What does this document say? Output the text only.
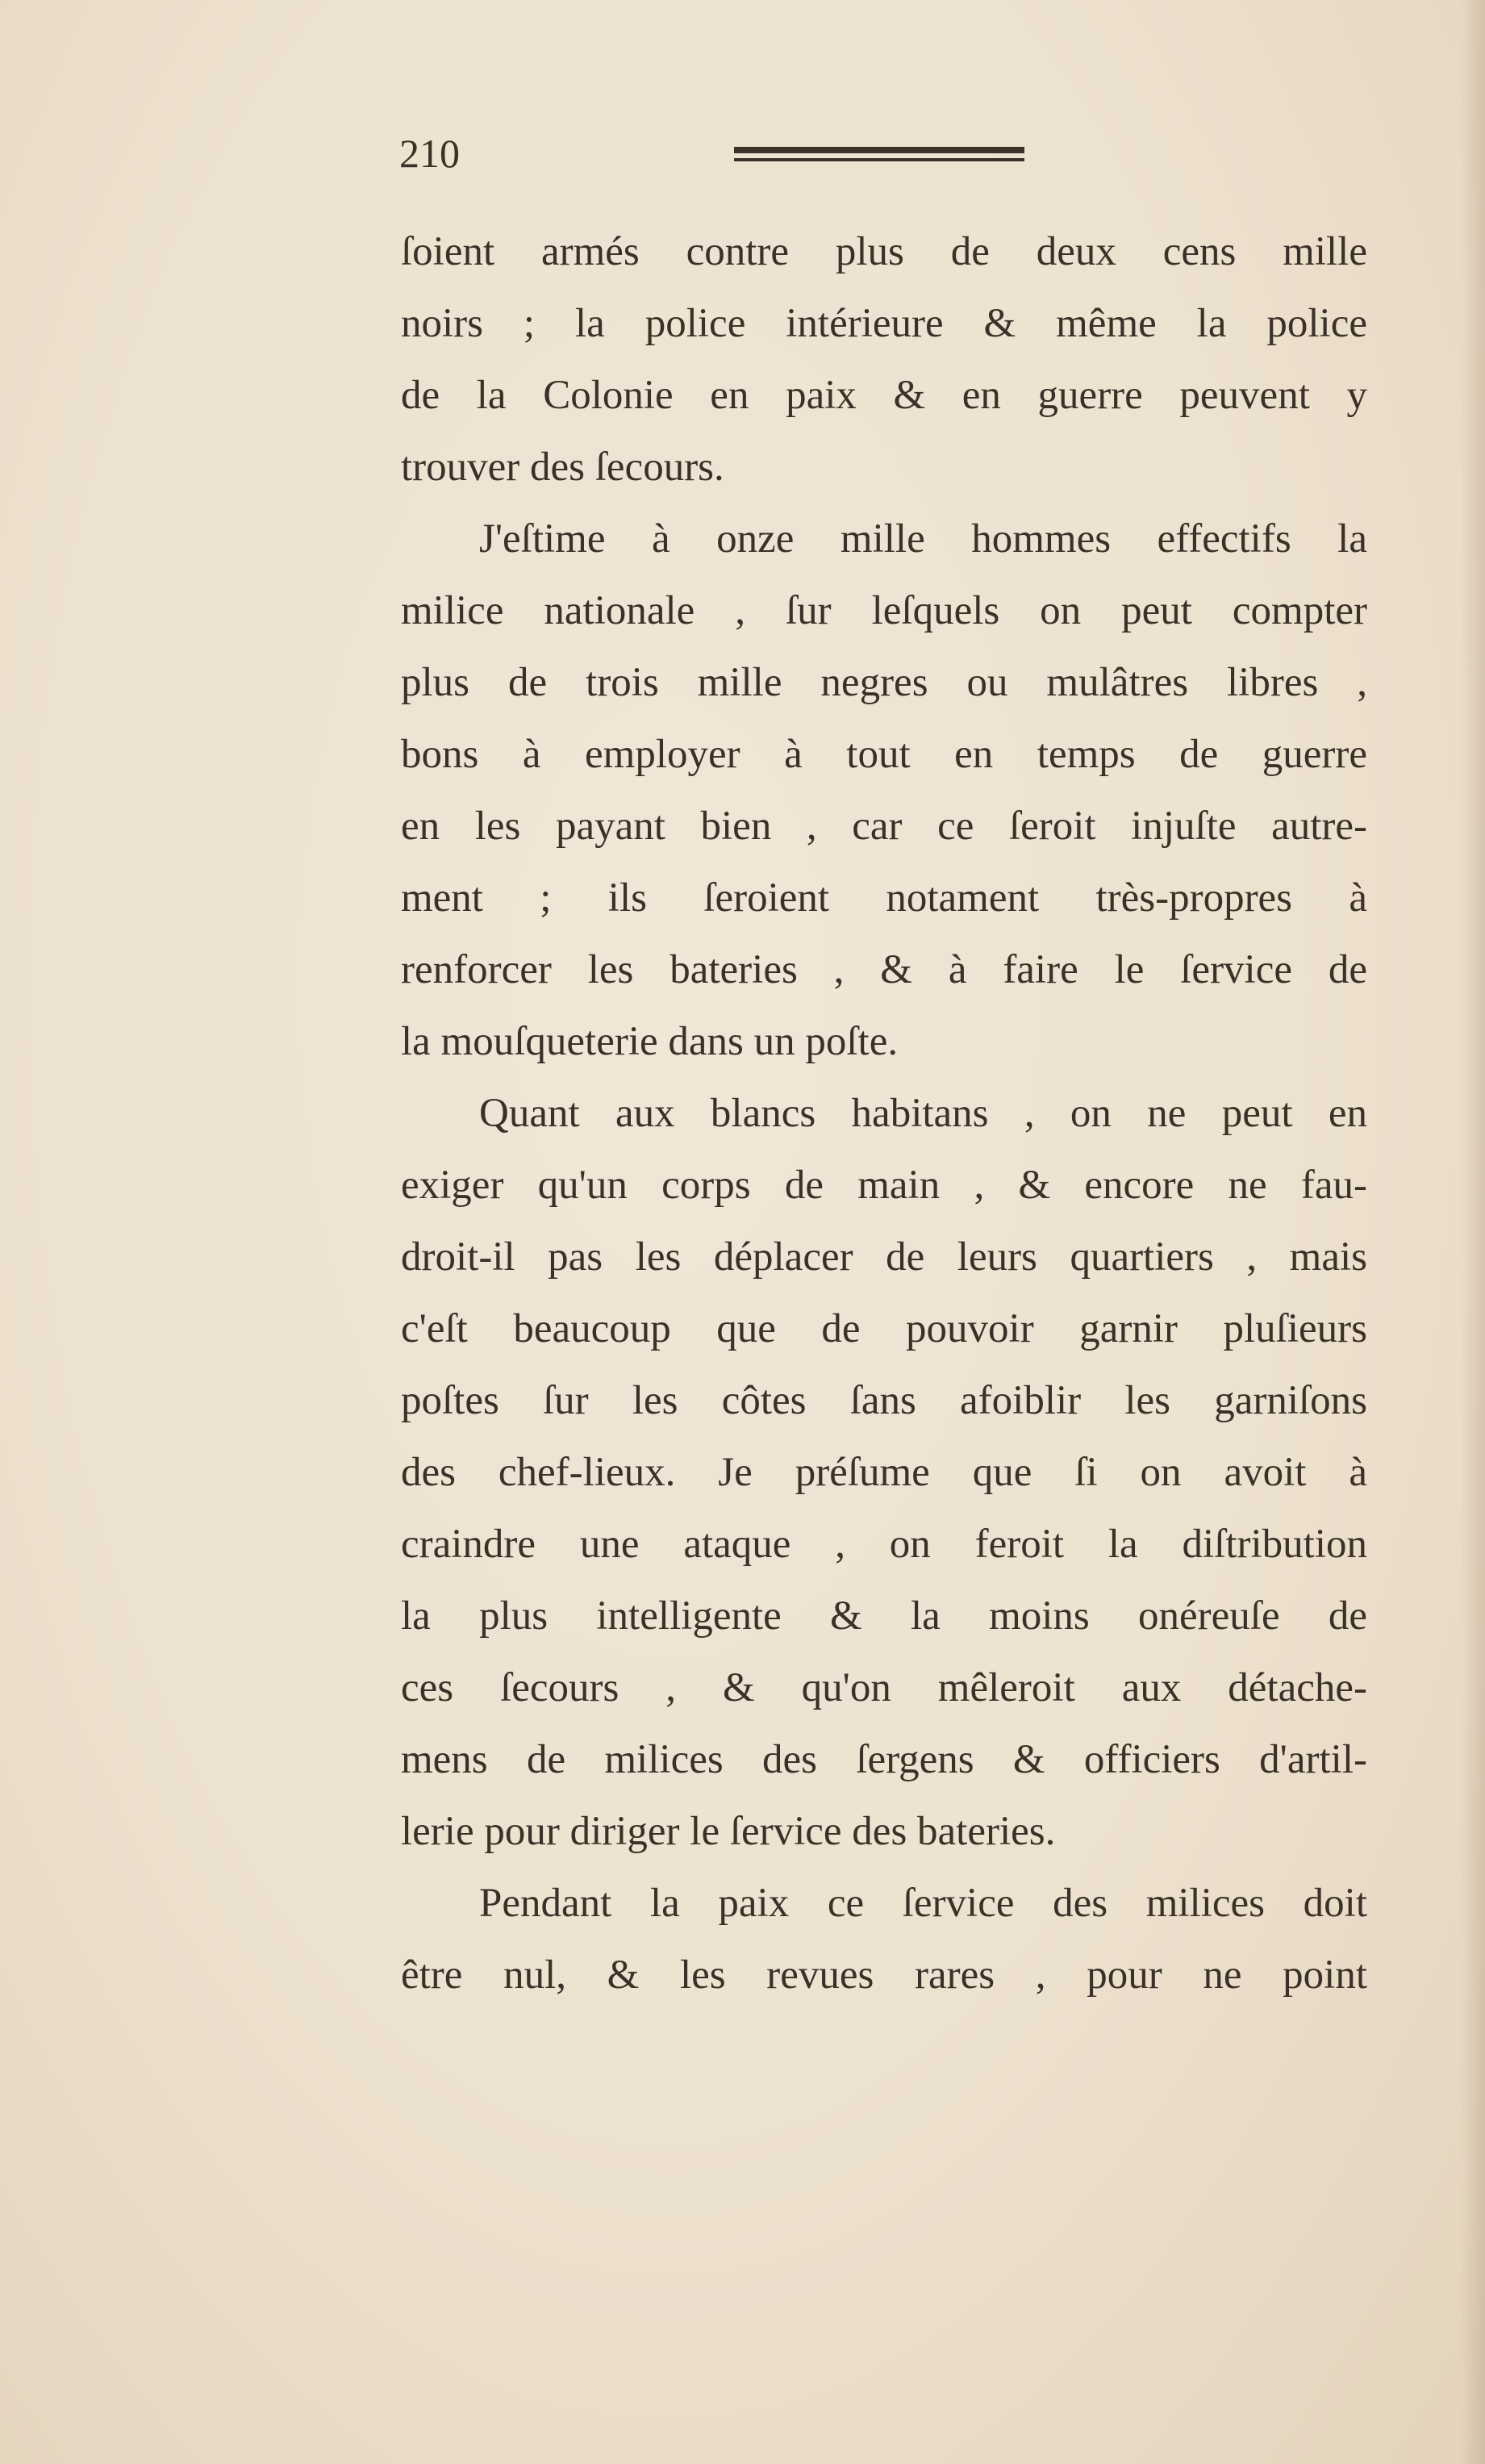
210
ſoient armés contre plus de deux cens mille
noirs ; la police intérieure & même la police
de la Colonie en paix & en guerre peuvent y
trouver des ſecours.
J'eſtime à onze mille hommes effectifs la
milice nationale , ſur leſquels on peut compter
plus de trois mille negres ou mulâtres libres ,
bons à employer à tout en temps de guerre
en les payant bien , car ce ſeroit injuſte autre-
ment ; ils ſeroient notament très-propres à
renforcer les bateries , & à faire le ſervice de
la mouſqueterie dans un poſte.
Quant aux blancs habitans , on ne peut en
exiger qu'un corps de main , & encore ne fau-
droit-il pas les déplacer de leurs quartiers , mais
c'eſt beaucoup que de pouvoir garnir pluſieurs
poſtes ſur les côtes ſans afoiblir les garniſons
des chef-lieux. Je préſume que ſi on avoit à
craindre une ataque , on feroit la diſtribution
la plus intelligente & la moins onéreuſe de
ces ſecours , & qu'on mêleroit aux détache-
mens de milices des ſergens & officiers d'artil-
lerie pour diriger le ſervice des bateries.
Pendant la paix ce ſervice des milices doit
être nul, & les revues rares , pour ne point
